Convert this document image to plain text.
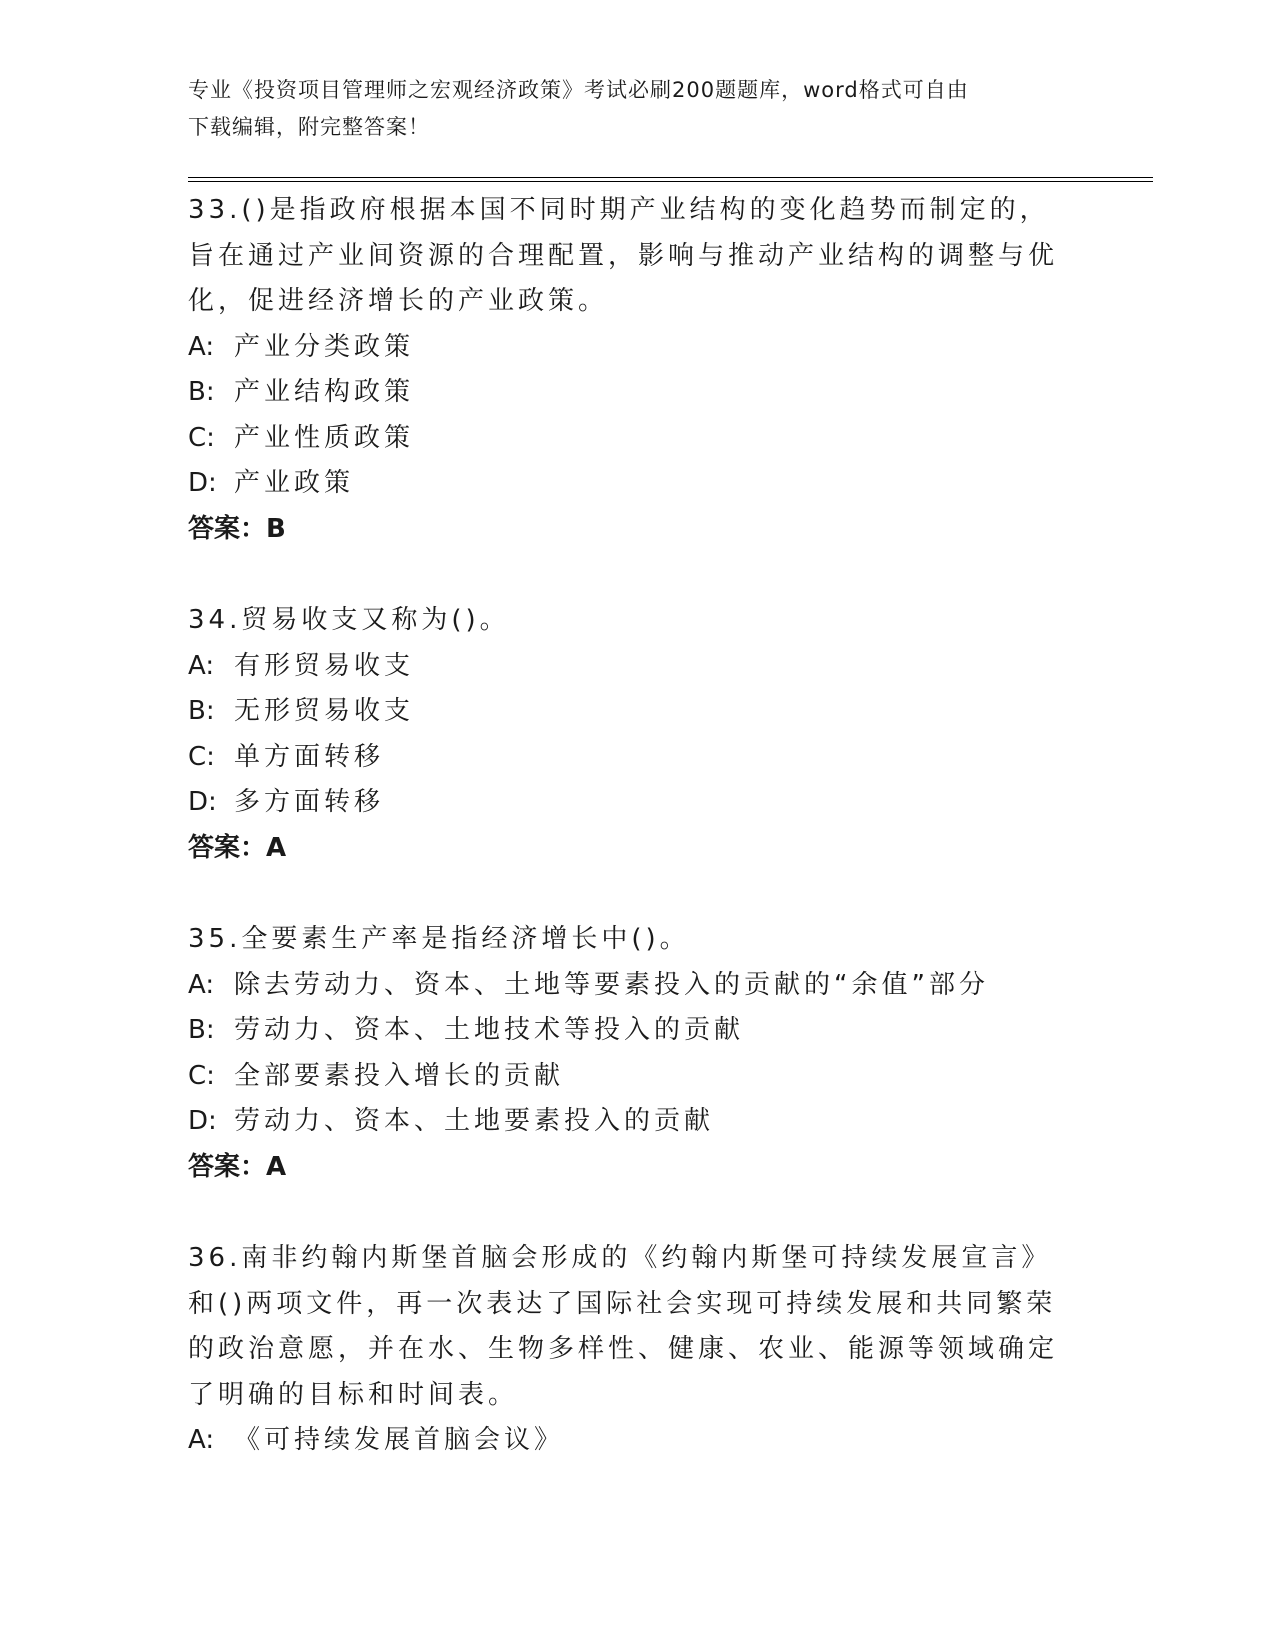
专业《投资项目管理师之宏观经济政策》考试必刷200题题库，word格式可自由
下载编辑，附完整答案！

33.()是指政府根据本国不同时期产业结构的变化趋势而制定的，旨在通过产业间资源的合理配置，影响与推动产业结构的调整与优化，促进经济增长的产业政策。

A: 产业分类政策

B: 产业结构政策

C: 产业性质政策

D: 产业政策

答案：B

34.贸易收支又称为()。

A: 有形贸易收支

B: 无形贸易收支

C: 单方面转移

D: 多方面转移

答案：A

35.全要素生产率是指经济增长中()。

A: 除去劳动力、资本、土地等要素投入的贡献的“余值”部分

B: 劳动力、资本、土地技术等投入的贡献

C: 全部要素投入增长的贡献

D: 劳动力、资本、土地要素投入的贡献

答案：A

36.南非约翰内斯堡首脑会形成的《约翰内斯堡可持续发展宣言》和()两项文件，再一次表达了国际社会实现可持续发展和共同繁荣的政治意愿，并在水、生物多样性、健康、农业、能源等领域确定了明确的目标和时间表。

A: 《可持续发展首脑会议》
